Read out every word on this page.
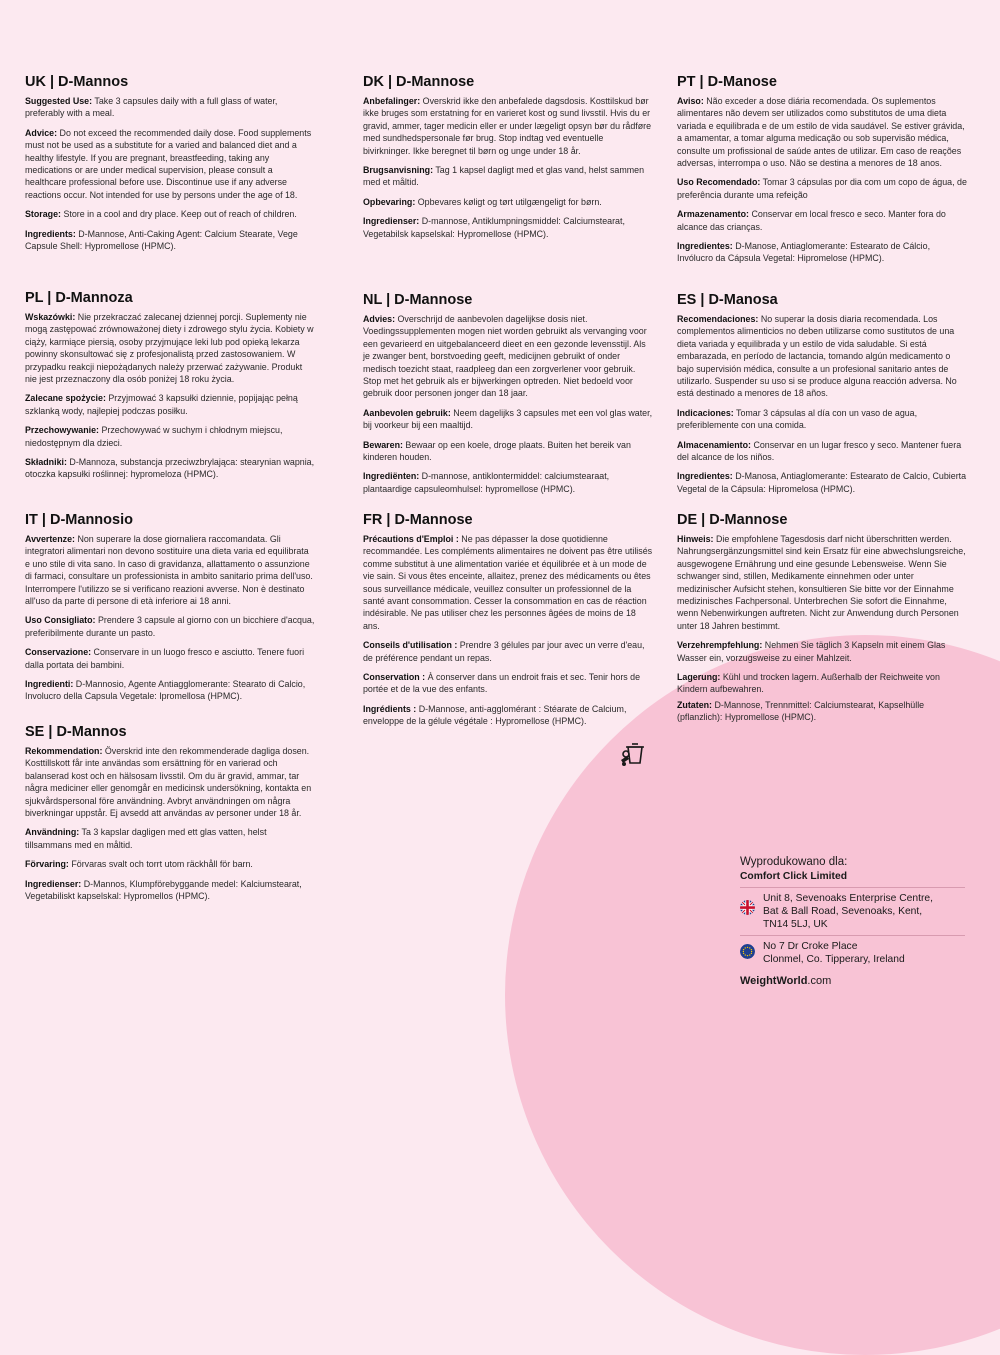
UK | D-Mannos

Suggested Use: Take 3 capsules daily with a full glass of water, preferably with a meal.

Advice: Do not exceed the recommended daily dose. Food supplements must not be used as a substitute for a varied and balanced diet and a healthy lifestyle. If you are pregnant, breastfeeding, taking any medications or are under medical supervision, please consult a healthcare professional before use. Discontinue use if any adverse reactions occur. Not intended for use by persons under the age of 18.

Storage: Store in a cool and dry place. Keep out of reach of children.

Ingredients: D-Mannose, Anti-Caking Agent: Calcium Stearate, Vege Capsule Shell: Hypromellose (HPMC).

PL | D-Mannoza

Wskazówki: Nie przekraczać zalecanej dziennej porcji. Suplementy nie mogą zastępować zrównoważonej diety i zdrowego stylu życia. Kobiety w ciąży, karmiące piersią, osoby przyjmujące leki lub pod opieką lekarza powinny skonsultować się z profesjonalistą przed zastosowaniem. W przypadku reakcji niepożądanych należy przerwać zażywanie. Produkt nie jest przeznaczony dla osób poniżej 18 roku życia.

Zalecane spożycie: Przyjmować 3 kapsułki dziennie, popijając pełną szklanką wody, najlepiej podczas posiłku.

Przechowywanie: Przechowywać w suchym i chłodnym miejscu, niedostępnym dla dzieci.

Składniki: D-Mannoza, substancja przeciwzbrylająca: stearynian wapnia, otoczka kapsułki roślinnej: hypromeloza (HPMC).

IT | D-Mannosio

Avvertenze: Non superare la dose giornaliera raccomandata. Gli integratori alimentari non devono sostituire una dieta varia ed equilibrata e uno stile di vita sano. In caso di gravidanza, allattamento o assunzione di farmaci, consultare un professionista in ambito sanitario prima dell'uso. Interrompere l'utilizzo se si verificano reazioni avverse. Non è destinato all'uso da parte di persone di età inferiore ai 18 anni.

Uso Consigliato: Prendere 3 capsule al giorno con un bicchiere d'acqua, preferibilmente durante un pasto.

Conservazione: Conservare in un luogo fresco e asciutto. Tenere fuori dalla portata dei bambini.

Ingredienti: D-Mannosio, Agente Antiagglomerante: Stearato di Calcio, Involucro della Capsula Vegetale: Ipromellosa (HPMC).

SE | D-Mannos

Rekommendation: Överskrid inte den rekommenderade dagliga dosen. Kosttillskott får inte användas som ersättning för en varierad och balanserad kost och en hälsosam livsstil. Om du är gravid, ammar, tar några mediciner eller genomgår en medicinsk undersökning, kontakta en sjukvårdspersonal före användning. Avbryt användningen om några biverkningar uppstår. Ej avsedd att användas av personer under 18 år.

Användning: Ta 3 kapslar dagligen med ett glas vatten, helst tillsammans med en måltid.

Förvaring: Förvaras svalt och torrt utom räckhåll för barn.

Ingredienser: D-Mannos, Klumpförebyggande medel: Kalciumstearat, Vegetabiliskt kapselskal: Hypromellos (HPMC).

DK | D-Mannose

Anbefalinger: Overskrid ikke den anbefalede dagsdosis. Kosttilskud bør ikke bruges som erstatning for en varieret kost og sund livsstil. Hvis du er gravid, ammer, tager medicin eller er under lægeligt opsyn bør du rådføre med sundhedspersonale før brug. Stop indtag ved eventuelle bivirkninger. Ikke beregnet til børn og unge under 18 år.

Brugsanvisning: Tag 1 kapsel dagligt med et glas vand, helst sammen med et måltid.

Opbevaring: Opbevares køligt og tørt utilgængeligt for børn.

Ingredienser: D-mannose, Antiklumpningsmiddel: Calciumstearat, Vegetabilsk kapselskal: Hypromellose (HPMC).

NL | D-Mannose

Advies: Overschrijd de aanbevolen dagelijkse dosis niet. Voedingssupplementen mogen niet worden gebruikt als vervanging voor een gevarieerd en uitgebalanceerd dieet en een gezonde levensstijl. Als je zwanger bent, borstvoeding geeft, medicijnen gebruikt of onder medisch toezicht staat, raadpleeg dan een zorgverlener voor gebruik. Stop met het gebruik als er bijwerkingen optreden. Niet bedoeld voor gebruik door personen jonger dan 18 jaar.

Aanbevolen gebruik: Neem dagelijks 3 capsules met een vol glas water, bij voorkeur bij een maaltijd.

Bewaren: Bewaar op een koele, droge plaats. Buiten het bereik van kinderen houden.

Ingrediënten: D-mannose, antiklontermiddel: calciumstearaat, plantaardige capsuleomhulsel: hypromellose (HPMC).

FR | D-Mannose

Précautions d'Emploi : Ne pas dépasser la dose quotidienne recommandée. Les compléments alimentaires ne doivent pas être utilisés comme substitut à une alimentation variée et équilibrée et à un mode de vie sain. Si vous êtes enceinte, allaitez, prenez des médicaments ou êtes sous surveillance médicale, veuillez consulter un professionnel de la santé avant consommation. Cesser la consommation en cas de réaction indésirable. Ne pas utiliser chez les personnes âgées de moins de 18 ans.

Conseils d'utilisation : Prendre 3 gélules par jour avec un verre d'eau, de préférence pendant un repas.

Conservation : À conserver dans un endroit frais et sec. Tenir hors de portée et de la vue des enfants.

Ingrédients : D-Mannose, anti-agglomérant : Stéarate de Calcium, enveloppe de la gélule végétale : Hypromellose (HPMC).

PT | D-Manose

Aviso: Não exceder a dose diária recomendada. Os suplementos alimentares não devem ser utilizados como substitutos de uma dieta variada e equilibrada e de um estilo de vida saudável. Se estiver grávida, a amamentar, a tomar alguma medicação ou sob supervisão médica, consulte um profissional de saúde antes de utilizar. Em caso de reações adversas, interrompa o uso. Não se destina a menores de 18 anos.

Uso Recomendado: Tomar 3 cápsulas por dia com um copo de água, de preferência durante uma refeição

Armazenamento: Conservar em local fresco e seco. Manter fora do alcance das crianças.

Ingredientes: D-Manose, Antiaglomerante: Estearato de Cálcio, Invólucro da Cápsula Vegetal: Hipromelose (HPMC).

ES | D-Manosa

Recomendaciones: No superar la dosis diaria recomendada. Los complementos alimenticios no deben utilizarse como sustitutos de una dieta variada y equilibrada y un estilo de vida saludable. Si está embarazada, en período de lactancia, tomando algún medicamento o bajo supervisión médica, consulte a un profesional sanitario antes de utilizarlo. Suspender su uso si se produce alguna reacción adversa. No está destinado a menores de 18 años.

Indicaciones: Tomar 3 cápsulas al día con un vaso de agua, preferiblemente con una comida.

Almacenamiento: Conservar en un lugar fresco y seco. Mantener fuera del alcance de los niños.

Ingredientes: D-Manosa, Antiaglomerante: Estearato de Calcio, Cubierta Vegetal de la Cápsula: Hipromelosa (HPMC).

DE | D-Mannose

Hinweis: Die empfohlene Tagesdosis darf nicht überschritten werden. Nahrungsergänzungsmittel sind kein Ersatz für eine abwechslungsreiche, ausgewogene Ernährung und eine gesunde Lebensweise. Wenn Sie schwanger sind, stillen, Medikamente einnehmen oder unter medizinischer Aufsicht stehen, konsultieren Sie bitte vor der Einnahme medizinisches Fachpersonal. Unterbrechen Sie sofort die Einnahme, wenn Nebenwirkungen auftreten. Nicht zur Anwendung durch Personen unter 18 Jahren bestimmt.

Verzehrempfehlung: Nehmen Sie täglich 3 Kapseln mit einem Glas Wasser ein, vorzugsweise zu einer Mahlzeit.

Lagerung: Kühl und trocken lagern. Außerhalb der Reichweite von Kindern aufbewahren.

Zutaten: D-Mannose, Trennmittel: Calciumstearat, Kapselhülle (pflanzlich): Hypromellose (HPMC).

Wyprodukowano dla:
Comfort Click Limited
Unit 8, Sevenoaks Enterprise Centre,
Bat & Ball Road, Sevenoaks, Kent,
TN14 5LJ, UK
No 7 Dr Croke Place
Clonmel, Co. Tipperary, Ireland
WeightWorld.com
